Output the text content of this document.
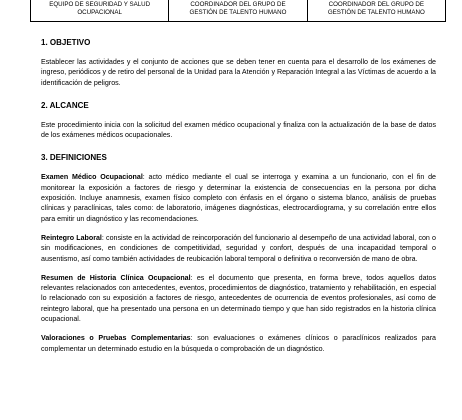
EQUIPO DE SEGURIDAD Y SALUD
OCUPACIONAL
COORDINADOR DEL GRUPO DE
GESTIÓN DE TALENTO HUMANO
COORDINADOR DEL GRUPO DE
GESTIÓN DE TALENTO HUMANO
1. OBJETIVO

Establecer las actividades y el conjunto de acciones que se deben tener en cuenta para el desarrollo de los exámenes de ingreso, periódicos y de retiro del personal de la Unidad para la Atención y Reparación Integral a las Víctimas de acuerdo a la identificación de peligros.

2. ALCANCE

Este procedimiento inicia con la solicitud del examen médico ocupacional y finaliza con la actualización de la base de datos de los exámenes médicos ocupacionales.

3. DEFINICIONES

Examen Médico Ocupacional: acto médico mediante el cual se interroga y examina a un funcionario, con el fin de monitorear la exposición a factores de riesgo y determinar la existencia de consecuencias en la persona por dicha exposición. Incluye anamnesis, examen físico completo con énfasis en el órgano o sistema blanco, análisis de pruebas clínicas y paraclínicas, tales como: de laboratorio, imágenes diagnósticas, electrocardiograma, y su correlación entre ellos para emitir un diagnóstico y las recomendaciones.

Reintegro Laboral: consiste en la actividad de reincorporación del funcionario al desempeño de una actividad laboral, con o sin modificaciones, en condiciones de competitividad, seguridad y confort, después de una incapacidad temporal o ausentismo, así como también actividades de reubicación laboral temporal o definitiva o reconversión de mano de obra.

Resumen de Historia Clínica Ocupacional: es el documento que presenta, en forma breve, todos aquellos datos relevantes relacionados con antecedentes, eventos, procedimientos de diagnóstico, tratamiento y rehabilitación, en especial lo relacionado con su exposición a factores de riesgo, antecedentes de ocurrencia de eventos profesionales, así como de reintegro laboral, que ha presentado una persona en un determinado tiempo y que han sido registrados en la historia clínica ocupacional.

Valoraciones o Pruebas Complementarias: son evaluaciones o exámenes clínicos o paraclínicos realizados para complementar un determinado estudio en la búsqueda o comprobación de un diagnóstico.
